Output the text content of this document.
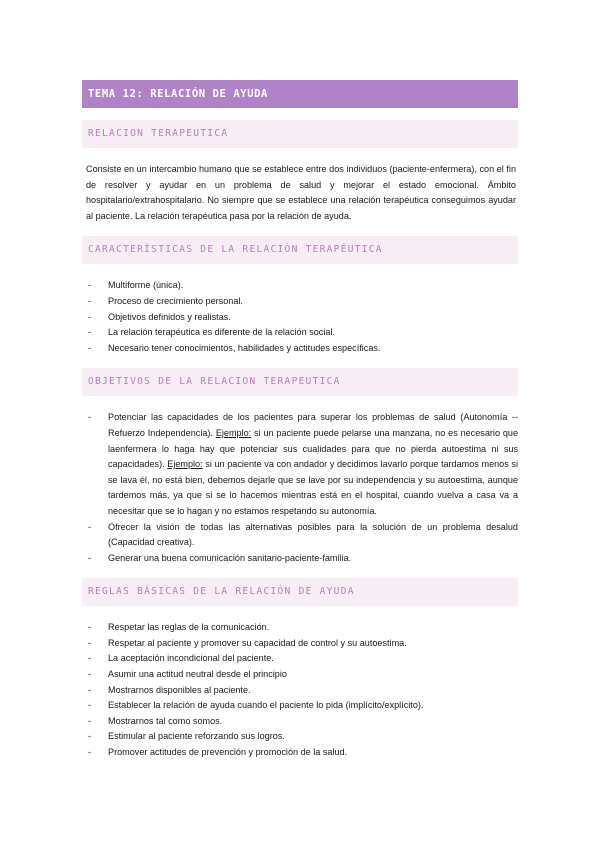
TEMA 12: RELACIÓN DE AYUDA
RELACION TERAPEUTICA

Consiste en un intercambio humano que se establece entre dos individuos (paciente-enfermera), con el fin de resolver y ayudar en un problema de salud y mejorar el estado emocional. Ámbito hospitalario/extrahospitalario. No siempre que se establece una relación terapéutica conseguimos ayudar al paciente. La relación terapéutica pasa por la relación de ayuda.

CARACTERÍSTICAS DE LA RELACIÓN TERAPÉUTICA
- Multiforme (única).
- Proceso de crecimiento personal.
- Objetivos definidos y realistas.
- La relación terapéutica es diferente de la relación social.
- Necesario tener conocimientos, habilidades y actitudes específicas.
OBJETIVOS DE LA RELACION TERAPEUTICA
- Potenciar las capacidades de los pacientes para superar los problemas de salud (Autonomía --Refuerzo Independencia). Ejemplo: si un paciente puede pelarse una manzana, no es necesario que laenfermera lo haga hay que potenciar sus cualidades para que no pierda autoestima ni sus capacidades). Ejemplo: si un paciente va con andador y decidimos lavarlo porque tardamos menos si se lava él, no está bien, debemos dejarle que se lave por su independencia y su autoestima, aunque tardemos más, ya que si se lo hacemos mientras está en el hospital, cuando vuelva a casa va a necesitar que se lo hagan y no estamos respetando su autonomía.
- Ofrecer la visión de todas las alternativas posibles para la solución de un problema desalud (Capacidad creativa).
- Generar una buena comunicación sanitario-paciente-familia.
REGLAS BÁSICAS DE LA RELACIÓN DE AYUDA
- Respetar las reglas de la comunicación.
- Respetar al paciente y promover su capacidad de control y su autoestima.
- La aceptación incondicional del paciente.
- Asumir una actitud neutral desde el principio
- Mostrarnos disponibles al paciente.
- Establecer la relación de ayuda cuando el paciente lo pida (implícito/explícito).
- Mostrarnos tal como somos.
- Estimular al paciente reforzando sus logros.
- Promover actitudes de prevención y promoción de la salud.
